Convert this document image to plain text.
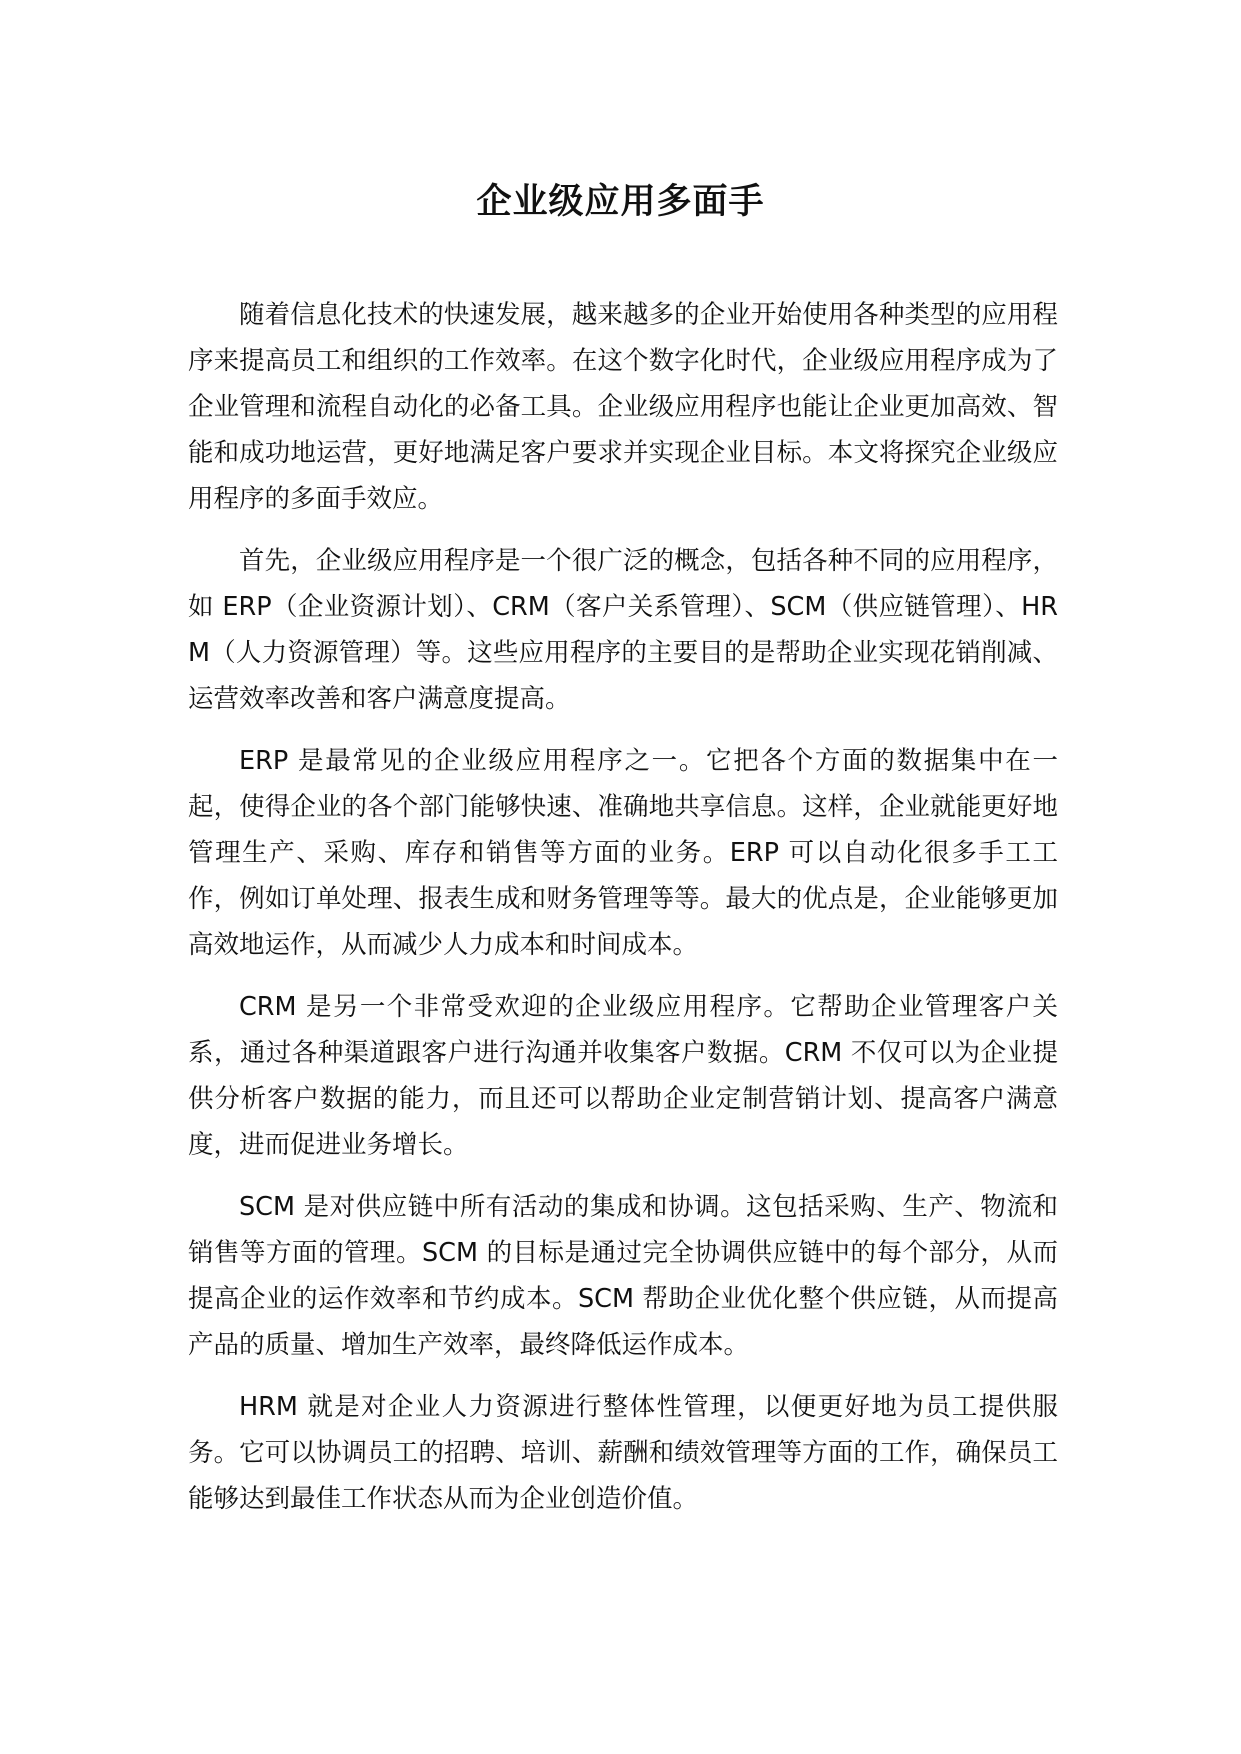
企业级应用多面手

随着信息化技术的快速发展，越来越多的企业开始使用各种类型的应用程序来提高员工和组织的工作效率。在这个数字化时代，企业级应用程序成为了企业管理和流程自动化的必备工具。企业级应用程序也能让企业更加高效、智能和成功地运营，更好地满足客户要求并实现企业目标。本文将探究企业级应用程序的多面手效应。

首先，企业级应用程序是一个很广泛的概念，包括各种不同的应用程序，如 ERP（企业资源计划）、CRM（客户关系管理）、SCM（供应链管理）、HRM（人力资源管理）等。这些应用程序的主要目的是帮助企业实现花销削减、运营效率改善和客户满意度提高。

ERP 是最常见的企业级应用程序之一。它把各个方面的数据集中在一起，使得企业的各个部门能够快速、准确地共享信息。这样，企业就能更好地管理生产、采购、库存和销售等方面的业务。ERP 可以自动化很多手工工作，例如订单处理、报表生成和财务管理等等。最大的优点是，企业能够更加高效地运作，从而减少人力成本和时间成本。

CRM 是另一个非常受欢迎的企业级应用程序。它帮助企业管理客户关系，通过各种渠道跟客户进行沟通并收集客户数据。CRM 不仅可以为企业提供分析客户数据的能力，而且还可以帮助企业定制营销计划、提高客户满意度，进而促进业务增长。

SCM 是对供应链中所有活动的集成和协调。这包括采购、生产、物流和销售等方面的管理。SCM 的目标是通过完全协调供应链中的每个部分，从而提高企业的运作效率和节约成本。SCM 帮助企业优化整个供应链，从而提高产品的质量、增加生产效率，最终降低运作成本。

HRM 就是对企业人力资源进行整体性管理，以便更好地为员工提供服务。它可以协调员工的招聘、培训、薪酬和绩效管理等方面的工作，确保员工能够达到最佳工作状态从而为企业创造价值。
